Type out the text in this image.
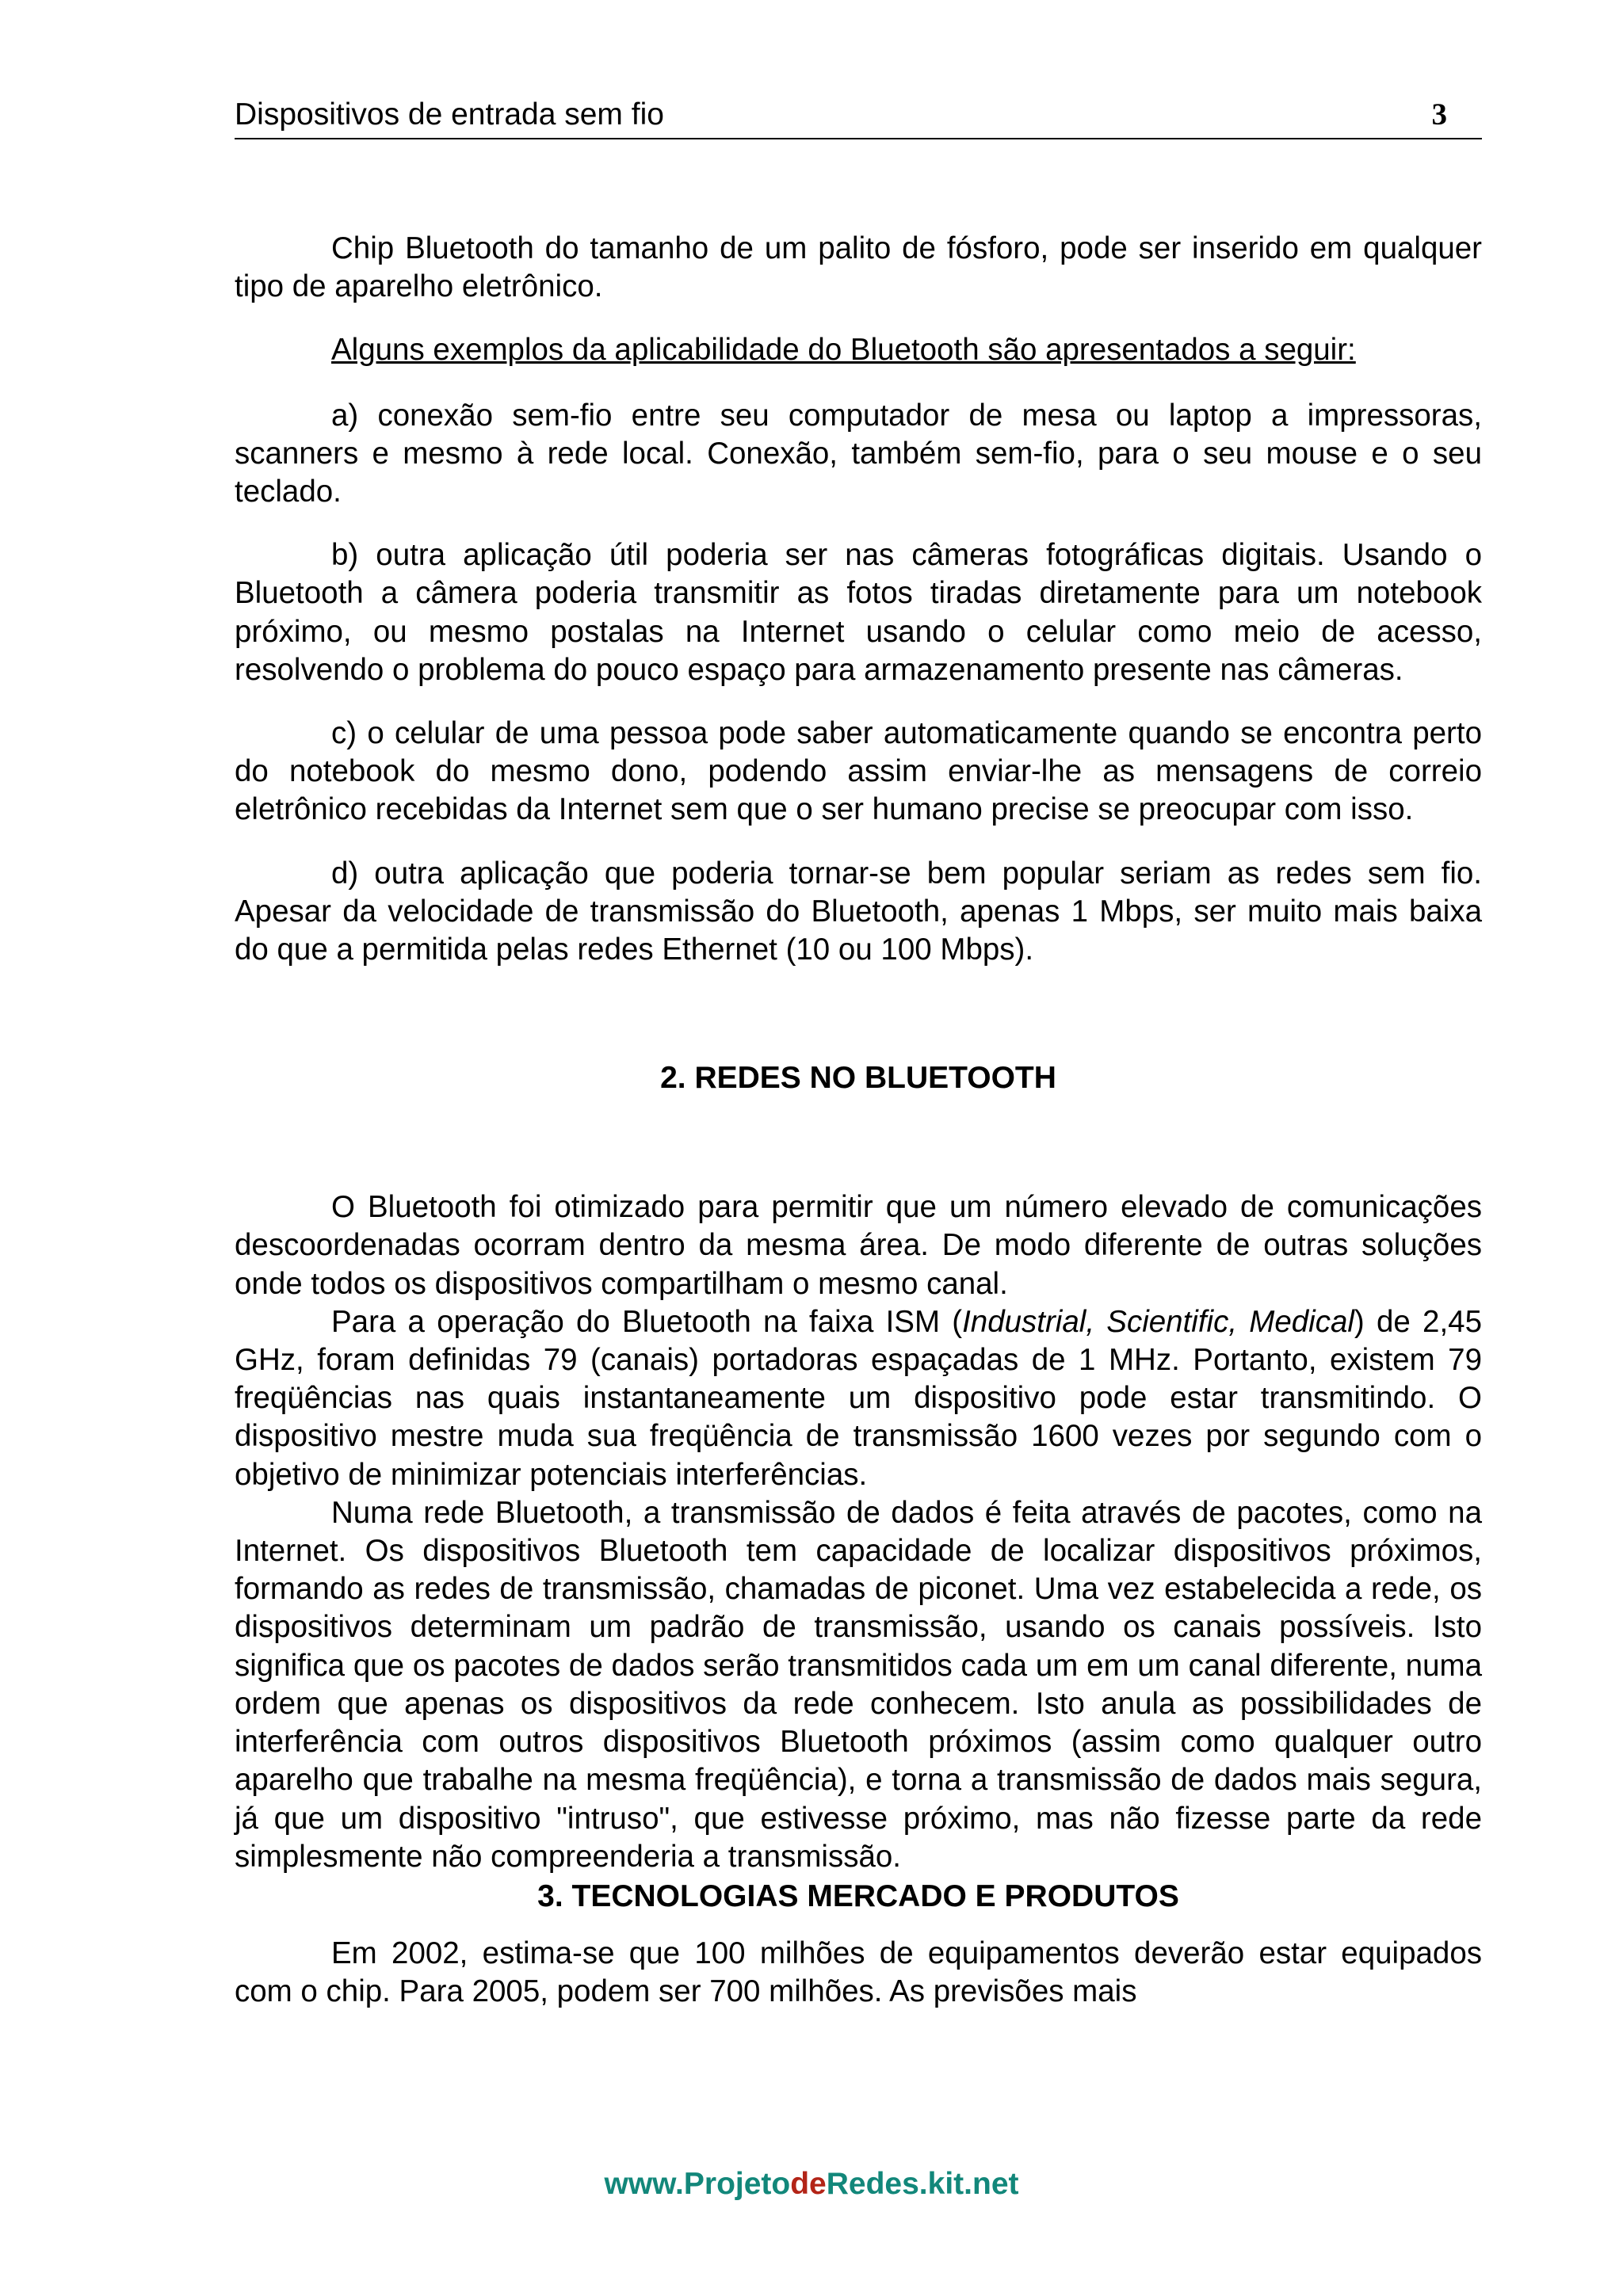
Dispositivos de entrada sem fio	3

Chip Bluetooth do tamanho de um palito de fósforo, pode ser inserido em qualquer tipo de aparelho eletrônico.

Alguns exemplos da aplicabilidade do Bluetooth são apresentados a seguir:

a) conexão sem-fio entre seu computador de mesa ou laptop a impressoras, scanners e mesmo à rede local. Conexão, também sem-fio, para o seu mouse e o seu teclado.

b) outra aplicação útil poderia ser nas câmeras fotográficas digitais. Usando o Bluetooth a câmera poderia transmitir as fotos tiradas diretamente para um notebook próximo, ou mesmo postalas na Internet usando o celular como meio de acesso, resolvendo o problema do pouco espaço para armazenamento presente nas câmeras.

c) o celular de uma pessoa pode saber automaticamente quando se encontra perto do notebook do mesmo dono, podendo assim enviar-lhe as mensagens de correio eletrônico recebidas da Internet sem que o ser humano precise se preocupar com isso.

d) outra aplicação que poderia tornar-se bem popular seriam as redes sem fio. Apesar da velocidade de transmissão do Bluetooth, apenas 1 Mbps, ser muito mais baixa do que a permitida pelas redes Ethernet (10 ou 100 Mbps).

2. REDES NO BLUETOOTH

O Bluetooth foi otimizado para permitir que um número elevado de comunicações descoordenadas ocorram dentro da mesma área. De modo diferente de outras soluções onde todos os dispositivos compartilham o mesmo canal.

Para a operação do Bluetooth na faixa ISM (Industrial, Scientific, Medical) de 2,45 GHz, foram definidas 79 (canais) portadoras espaçadas de 1 MHz. Portanto, existem 79 freqüências nas quais instantaneamente um dispositivo pode estar transmitindo. O dispositivo mestre muda sua freqüência de transmissão 1600 vezes por segundo com o objetivo de minimizar potenciais interferências.

Numa rede Bluetooth, a transmissão de dados é feita através de pacotes, como na Internet. Os dispositivos Bluetooth tem capacidade de localizar dispositivos próximos, formando as redes de transmissão, chamadas de piconet. Uma vez estabelecida a rede, os dispositivos determinam um padrão de transmissão, usando os canais possíveis. Isto significa que os pacotes de dados serão transmitidos cada um em um canal diferente, numa ordem que apenas os dispositivos da rede conhecem. Isto anula as possibilidades de interferência com outros dispositivos Bluetooth próximos (assim como qualquer outro aparelho que trabalhe na mesma freqüência), e torna a transmissão de dados mais segura, já que um dispositivo "intruso", que estivesse próximo, mas não fizesse parte da rede simplesmente não compreenderia a transmissão.

3. TECNOLOGIAS MERCADO E PRODUTOS

Em 2002, estima-se que 100 milhões de equipamentos deverão estar equipados com o chip. Para 2005, podem ser 700 milhões. As previsões mais

www.ProjetodeRedes.kit.net
